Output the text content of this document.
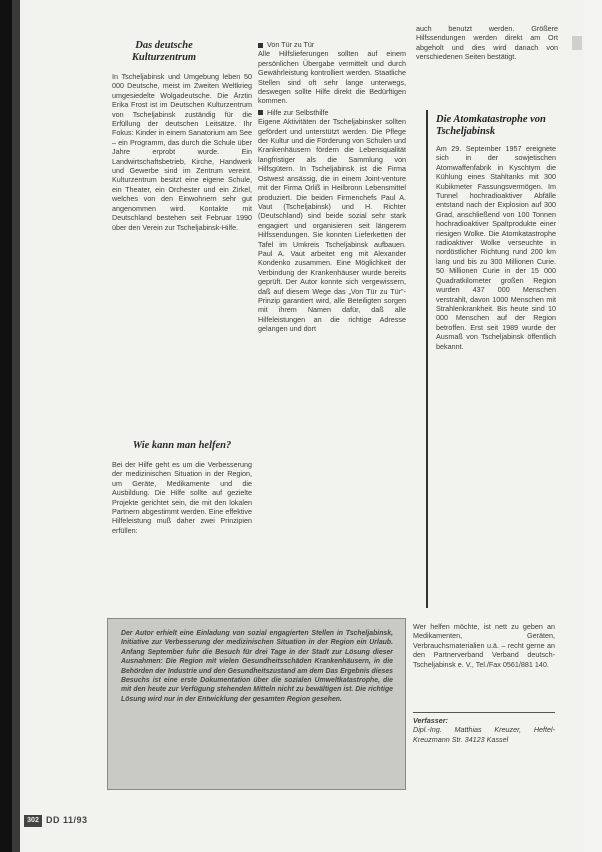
Das deutsche Kulturzentrum

In Tscheljabinsk und Umgebung leben 50 000 Deutsche, meist im Zweiten Weltkrieg umgesiedelte Wolgadeutsche. Die Ärztin Erika Frost ist im Deutschen Kulturzentrum von Tscheljabinsk zuständig für die Erfüllung der deutschen Leitsätze. Ihr Fokus: Kinder in einem Sanatorium am See – ein Programm, das durch die Schule über Jahre erprobt wurde. Ein Landwirtschaftsbetrieb, Kirche, Handwerk und Gewerbe sind im Zentrum vereint. Kulturzentrum besitzt eine eigene Schule, ein Theater, ein Orchester und ein Zirkel, welches von den Einwohnern sehr gut angenommen wird. Kontakte mit Deutschland bestehen seit Februar 1990 über den Verein zur Tscheljabinsk-Hilfe.

Wie kann man helfen?

Bei der Hilfe geht es um die Verbesserung der medizinischen Situation in der Region, um Geräte, Medikamente und die Ausbildung. Die Hilfe sollte auf gezielte Projekte gerichtet sein, die mit den lokalen Partnern abgestimmt werden. Eine effektive Hilfeleistung muß daher zwei Prinzipien erfüllen:

Von Tür zu Tür

Alle Hilfslieferungen sollten auf einem persönlichen Übergabe vermittelt und durch Gewährleistung kontrolliert werden. Staatliche Stellen sind oft sehr lange unterwegs, deswegen sollte Hilfe direkt die Bedürftigen kommen.

Hilfe zur Selbsthilfe

Eigene Aktivitäten der Tscheljabinsker sollten gefördert und unterstützt werden. Die Pflege der Kultur und die Förderung von Schulen und Krankenhäusern fördern die Lebensqualität langfristiger als die Sammlung von Hilfsgütern. In Tscheljabinsk ist die Firma Ostwest ansässig, die in einem Joint-venture mit der Firma Orliß in Heilbronn Lebensmittel produziert. Die beiden Firmenchefs Paul A. Vaut (Tscheljabinsk) und H. Richter (Deutschland) sind beide sozial sehr stark engagiert und organisieren seit längerem Hilfssendungen. Sie konnten Lieferketten der Tafel im Umkreis Tscheljabinsk aufbauen. Paul A. Vaut arbeitet eng mit Alexander Kondenko zusammen. Eine Möglichkeit der Verbindung der Krankenhäuser wurde bereits geprüft. Der Autor konnte sich vergewissern, daß auf diesem Wege das „Von Tür zu Tür"-Prinzip garantiert wird, alle Beteiligten sorgen mit ihrem Namen dafür, daß alle Hilfeleistungen an die richtige Adresse gelangen und dort

auch benutzt werden. Größere Hilfssendungen werden direkt am Ort abgeholt und dies wird danach von verschiedenen Seiten bestätigt.

Die Atomkatastrophe von Tscheljabinsk
Am 29. September 1957 ereignete sich in der sowjetischen Atomwaffenfabrik in Kyschtym die Kühlung eines Stahltanks mit 300 Kubikmeter Fassungsvermögen. Im Tunnel hochradioaktiver Abfälle entstand nach der Explosion auf 300 Grad, anschließend von 100 Tonnen hochradioaktiver Spaltprodukte einer riesigen Wolke. Die Atomkatastrophe radioaktiver Wolke verseuchte in nordöstlicher Richtung rund 200 km lang und bis zu 300 Millionen Curie. 50 Millionen Curie in der 15 000 Quadratkilometer großen Region wurden 437 000 Menschen verstrahlt, davon 1000 Menschen mit Strahlenkrankheit. Bis heute sind 10 000 Menschen auf der Region betroffen. Erst seit 1989 wurde der Ausmaß von Tscheljabinsk öffentlich bekannt.

Wer helfen möchte, ist nett zu geben an Medikamenten, Geräten, Verbrauchsmaterialien u.ä. – recht gerne an den Partnerverband Verband deutsch-Tscheljabinsk e. V., Tel./Fax 0561/881 140.

Verfasser:

Dipl.-Ing. Matthias Kreuzer, Heftel-Kreuzmann Str. 34123 Kassel

Der Autor erhielt eine Einladung von sozial engagierten Stellen in Tscheljabinsk, Initiative zur Verbesserung der medizinischen Situation in der Region ein Urlaub. Anfang September fuhr die Besuch für drei Tage in der Stadt zur Lösung dieser Ausnahmen: Die Region mit vielen Gesundheitsschäden Krankenhäusern, in die Behörden der Industrie und den Gesundheitszustand am dem Das Ergebnis dieses Besuchs ist eine erste Dokumentation über die sozialen Umweltkatastrophe, die mit den heute zur Verfügung stehenden Mitteln nicht zu bewältigen ist. Die richtige Lösung wird nur in der Entwicklung der gesamten Region gesehen.
302 DD 11/93
